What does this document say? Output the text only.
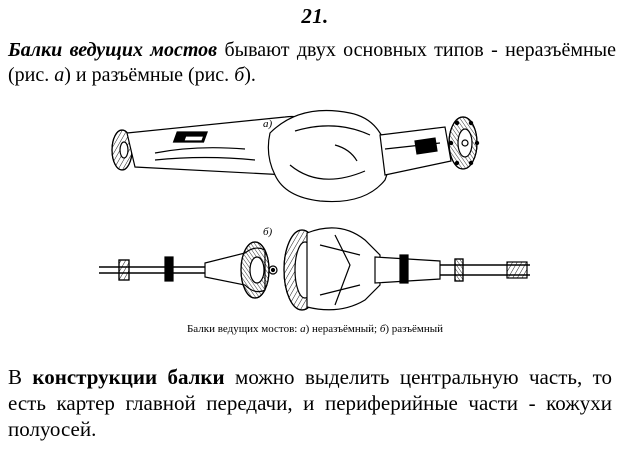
21.

Балки ведущих мостов бывают двух основных типов - неразъёмные (рис. а) и разъёмные (рис. б).

а)
б)
Балки ведущих мостов: а) неразъёмный; б) разъёмный

В конструкции балки можно выделить центральную часть, то есть картер главной передачи, и периферийные части - кожухи полуосей.
